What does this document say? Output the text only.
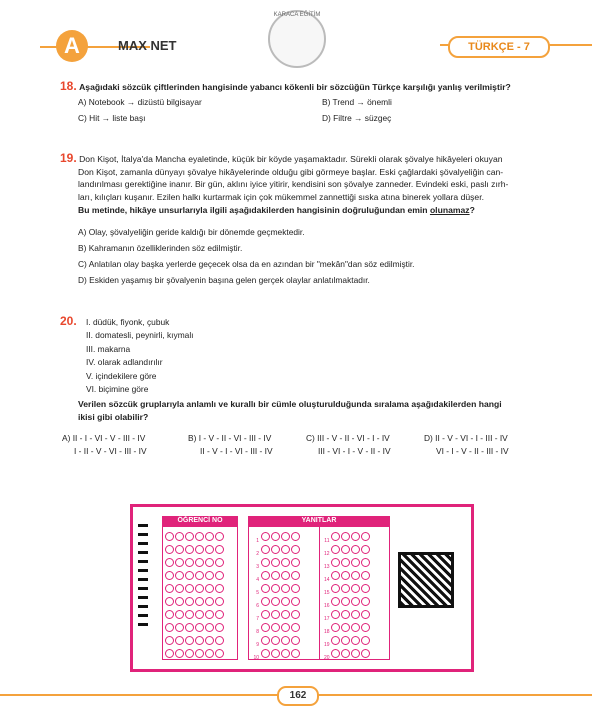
A	MAX NET
KARACA EĞİTİM
TÜRKÇE - 7
18. Aşağıdaki sözcük çiftlerinden hangisinde yabancı kökenli bir sözcüğün Türkçe karşılığı yanlış verilmiştir?
A) Notebook → dizüstü bilgisayar	B) Trend → önemli
C) Hit → liste başı	D) Filtre → süzgeç
19. Don Kişot, İtalya'da Mancha eyaletinde, küçük bir köyde yaşamaktadır. Sürekli olarak şövalye hikâyeleri okuyan
Don Kişot, zamanla dünyayı şövalye hikâyelerinde olduğu gibi görmeye başlar. Eski çağlardaki şövalyeliğin can-
landırılması gerektiğine inanır. Bir gün, aklını iyice yitirir, kendisini son şövalye zanneder. Evindeki eski, paslı zırh-
ları, kılıçları kuşanır. Ezilen halkı kurtarmak için çok mükemmel zannettiği sıska atına binerek yollara düşer.
Bu metinde, hikâye unsurlarıyla ilgili aşağıdakilerden hangisinin doğruluğundan emin olunamaz?
A) Olay, şövalyeliğin geride kaldığı bir dönemde geçmektedir.
B) Kahramanın özelliklerinden söz edilmiştir.
C) Anlatılan olay başka yerlerde geçecek olsa da en azından bir "mekân"dan söz edilmiştir.
D) Eskiden yaşamış bir şövalyenin başına gelen gerçek olaylar anlatılmaktadır.
20. I. düdük, fiyonk, çubuk
II. domatesli, peynirli, kıymalı
III. makarna
IV. olarak adlandırılır
V. içindekilere göre
VI. biçimine göre
Verilen sözcük gruplarıyla anlamlı ve kurallı bir cümle oluşturulduğunda sıralama aşağıdakilerden hangi
ikisi gibi olabilir?
A) II - I - VI - V - III - IV
I - II - V - VI - III - IV
B) I - V - II - VI - III - IV
II - V - I - VI - III - IV
C) III - V - II - VI - I - IV
III - VI - I - V - II - IV
D) II - V - VI - I - III - IV
VI - I - V - II - III - IV
ÖĞRENCİ NO	YANITLAR
1
2
3
4
5
6
7
8
9
10
11
12
13
14
15
16
17
18
19
20
162
